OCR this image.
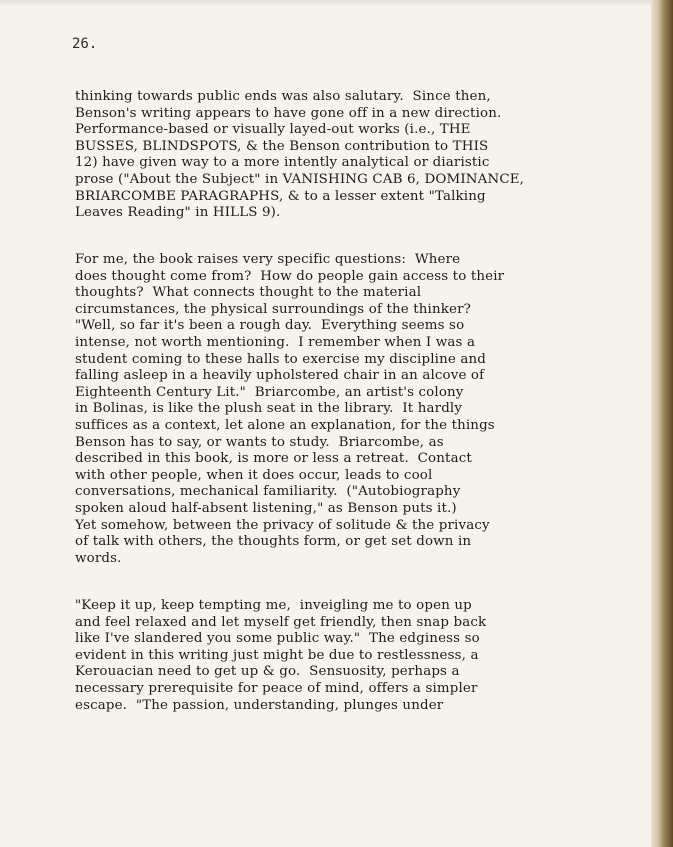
26.
thinking towards public ends was also salutary.  Since then,
Benson's writing appears to have gone off in a new direction.
Performance-based or visually layed-out works (i.e., THE
BUSSES, BLINDSPOTS, & the Benson contribution to THIS
12) have given way to a more intently analytical or diaristic
prose ("About the Subject" in VANISHING CAB 6, DOMINANCE,
BRIARCOMBE PARAGRAPHS, & to a lesser extent "Talking
Leaves Reading" in HILLS 9).
For me, the book raises very specific questions:  Where
does thought come from?  How do people gain access to their
thoughts?  What connects thought to the material
circumstances, the physical surroundings of the thinker?
"Well, so far it's been a rough day.  Everything seems so
intense, not worth mentioning.  I remember when I was a
student coming to these halls to exercise my discipline and
falling asleep in a heavily upholstered chair in an alcove of
Eighteenth Century Lit."  Briarcombe, an artist's colony
in Bolinas, is like the plush seat in the library.  It hardly
suffices as a context, let alone an explanation, for the things
Benson has to say, or wants to study.  Briarcombe, as
described in this book, is more or less a retreat.  Contact
with other people, when it does occur, leads to cool
conversations, mechanical familiarity.  ("Autobiography
spoken aloud half-absent listening," as Benson puts it.)
Yet somehow, between the privacy of solitude & the privacy
of talk with others, the thoughts form, or get set down in
words.
"Keep it up, keep tempting me,  inveigling me to open up
and feel relaxed and let myself get friendly, then snap back
like I've slandered you some public way."  The edginess so
evident in this writing just might be due to restlessness, a
Kerouacian need to get up & go.  Sensuosity, perhaps a
necessary prerequisite for peace of mind, offers a simpler
escape.  "The passion, understanding, plunges under
